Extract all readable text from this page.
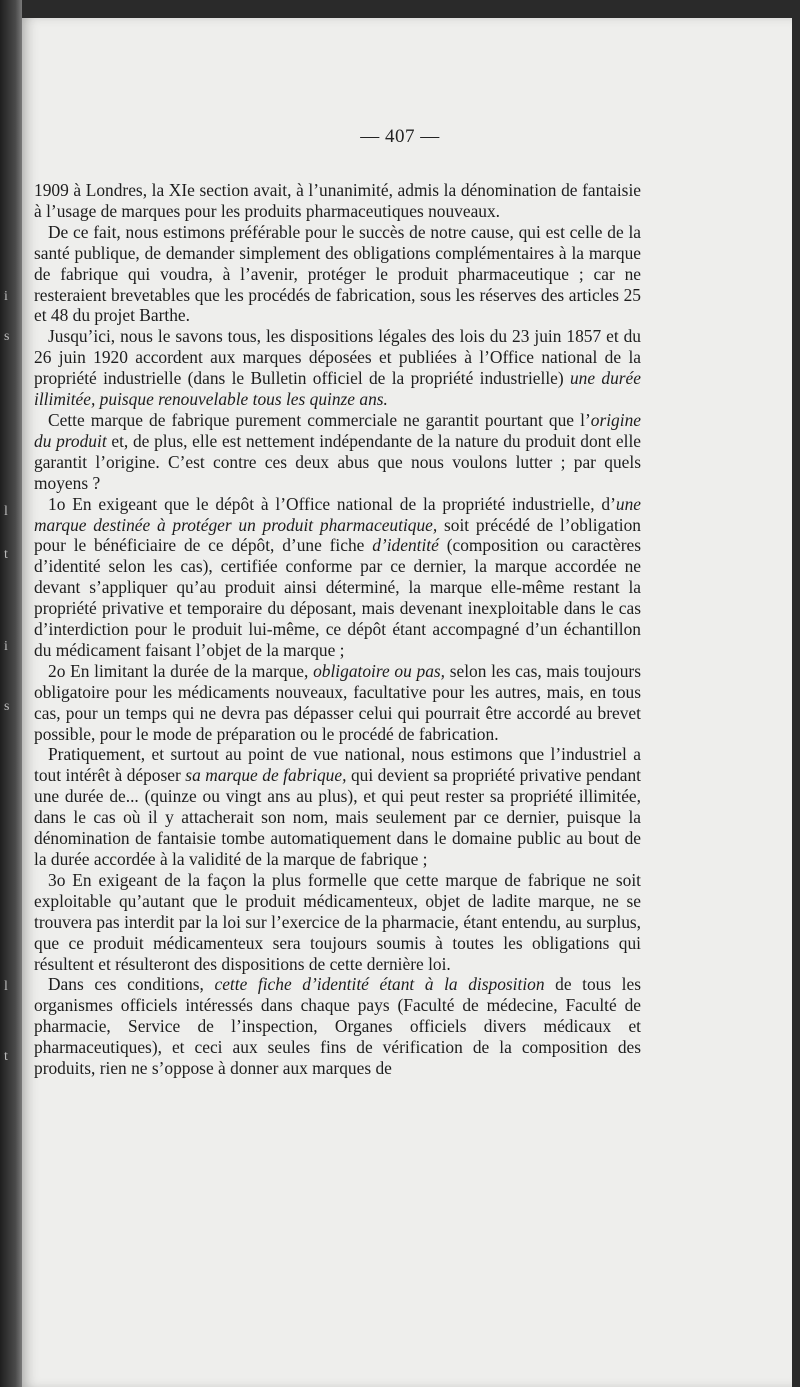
i
s
l
t
i
s
l
t
— 407 —

1909 à Londres, la XIe section avait, à l’unanimité, admis la dénomination de fantaisie à l’usage de marques pour les produits pharmaceutiques nouveaux.

De ce fait, nous estimons préférable pour le succès de notre cause, qui est celle de la santé publique, de demander simplement des obligations complémentaires à la marque de fabrique qui voudra, à l’avenir, protéger le produit pharmaceutique ; car ne resteraient brevetables que les procédés de fabrication, sous les réserves des articles 25 et 48 du projet Barthe.

Jusqu’ici, nous le savons tous, les dispositions légales des lois du 23 juin 1857 et du 26 juin 1920 accordent aux marques déposées et publiées à l’Office national de la propriété industrielle (dans le Bulletin officiel de la propriété industrielle) une durée illimitée, puisque renouvelable tous les quinze ans.

Cette marque de fabrique purement commerciale ne garantit pourtant que l’origine du produit et, de plus, elle est nettement indépendante de la nature du produit dont elle garantit l’origine. C’est contre ces deux abus que nous voulons lutter ; par quels moyens ?

1o En exigeant que le dépôt à l’Office national de la propriété industrielle, d’une marque destinée à protéger un produit pharmaceutique, soit précédé de l’obligation pour le bénéficiaire de ce dépôt, d’une fiche d’identité (composition ou caractères d’identité selon les cas), certifiée conforme par ce dernier, la marque accordée ne devant s’appliquer qu’au produit ainsi déterminé, la marque elle-même restant la propriété privative et temporaire du déposant, mais devenant inexploitable dans le cas d’interdiction pour le produit lui-même, ce dépôt étant accompagné d’un échantillon du médicament faisant l’objet de la marque ;

2o En limitant la durée de la marque, obligatoire ou pas, selon les cas, mais toujours obligatoire pour les médicaments nouveaux, facultative pour les autres, mais, en tous cas, pour un temps qui ne devra pas dépasser celui qui pourrait être accordé au brevet possible, pour le mode de préparation ou le procédé de fabrication.

Pratiquement, et surtout au point de vue national, nous estimons que l’industriel a tout intérêt à déposer sa marque de fabrique, qui devient sa propriété privative pendant une durée de... (quinze ou vingt ans au plus), et qui peut rester sa propriété illimitée, dans le cas où il y attacherait son nom, mais seulement par ce dernier, puisque la dénomination de fantaisie tombe automatiquement dans le domaine public au bout de la durée accordée à la validité de la marque de fabrique ;

3o En exigeant de la façon la plus formelle que cette marque de fabrique ne soit exploitable qu’autant que le produit médicamenteux, objet de ladite marque, ne se trouvera pas interdit par la loi sur l’exercice de la pharmacie, étant entendu, au surplus, que ce produit médicamenteux sera toujours soumis à toutes les obligations qui résultent et résulteront des dispositions de cette dernière loi.

Dans ces conditions, cette fiche d’identité étant à la disposition de tous les organismes officiels intéressés dans chaque pays (Faculté de médecine, Faculté de pharmacie, Service de l’inspection, Organes officiels divers médicaux et pharmaceutiques), et ceci aux seules fins de vérification de la composition des produits, rien ne s’oppose à donner aux marques de
